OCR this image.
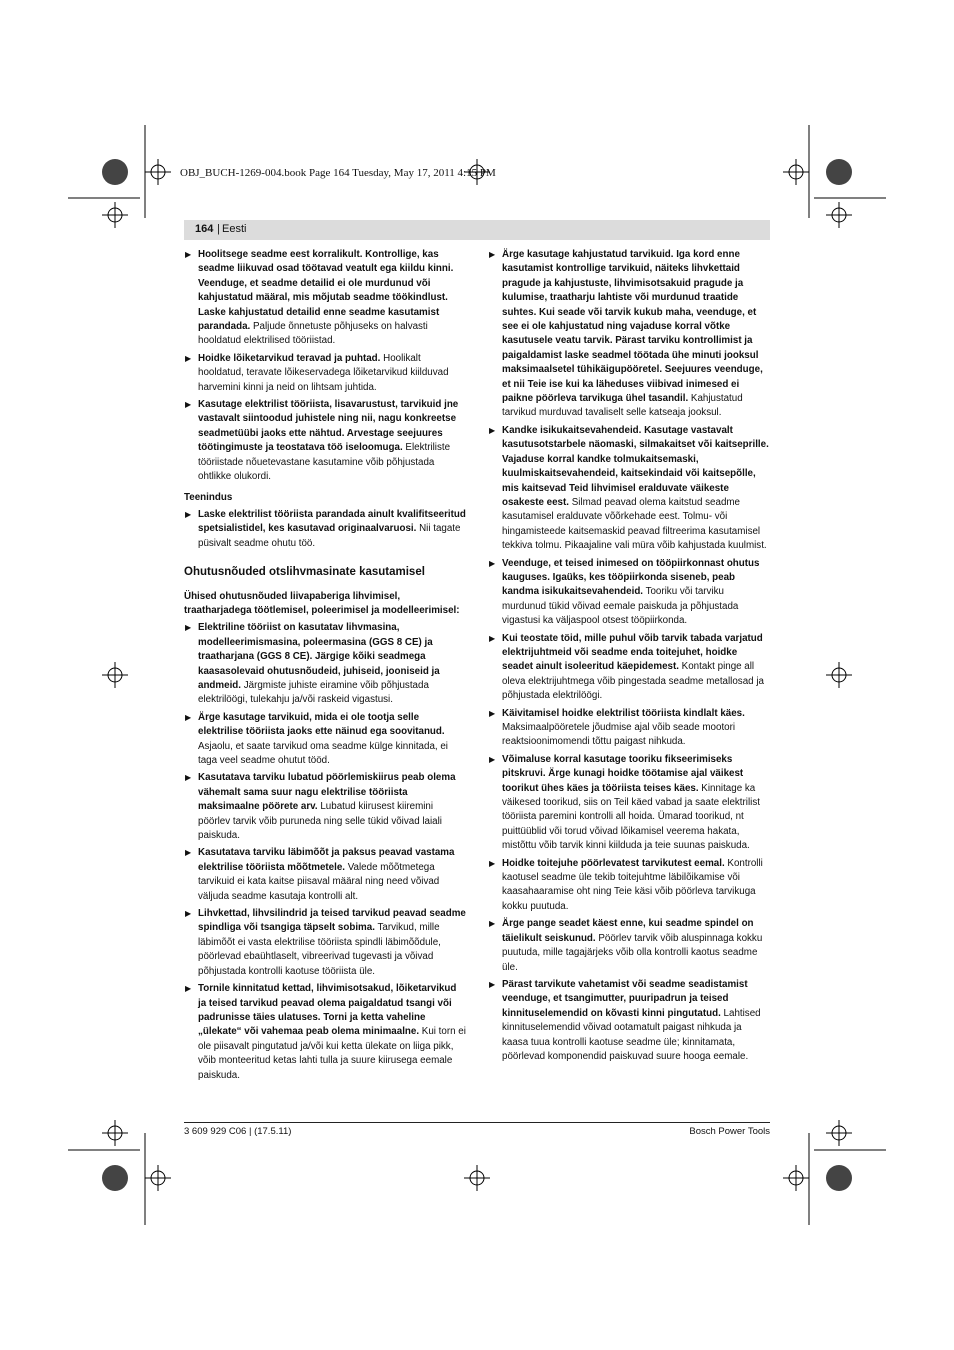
OBJ_BUCH-1269-004.book Page 164 Tuesday, May 17, 2011 4:15 PM
164 | Eesti
▶ Hoolitsege seadme eest korralikult. Kontrollige, kas seadme liikuvad osad töötavad veatult ega kiildu kinni. Veenduge, et seadme detailid ei ole murdunud või kahjustatud määral, mis mõjutab seadme töökindlust. Laske kahjustatud detailid enne seadme kasutamist parandada. Paljude õnnetuste põhjuseks on halvasti hooldatud elektrilised tööriistad.
▶ Hoidke lõiketarvikud teravad ja puhtad. Hoolikalt hooldatud, teravate lõikeservadega lõiketarvikud kiilduvad harvemini kinni ja neid on lihtsam juhtida.
▶ Kasutage elektrilist tööriista, lisavarustust, tarvikuid jne vastavalt siintoodud juhistele ning nii, nagu konkreetse seadmetüübi jaoks ette nähtud. Arvestage seejuures töötingimuste ja teostatava töö iseloomuga. Elektriliste tööriistade nõuetevastane kasutamine võib põhjustada ohtlikke olukordi.
Teenindus
▶ Laske elektrilist tööriista parandada ainult kvalifitseeritud spetsialistidel, kes kasutavad originaalvaruosi. Nii tagate püsivalt seadme ohutu töö.
Ohutusnõuded otslihvmasinate kasutamisel
Ühised ohutusnõuded liivapaberiga lihvimisel, traatharjadega töötlemisel, poleerimisel ja modelleerimisel:
▶ Elektriline tööriist on kasutatav lihvmasina, modelleerimismasina, poleermasina (GGS 8 CE) ja traatharjana (GGS 8 CE). Järgige kõiki seadmega kaasasolevaid ohutusnõudeid, juhiseid, jooniseid ja andmeid. Järgmiste juhiste eiramine võib põhjustada elektrilöögi, tulekahju ja/või raskeid vigastusi.
▶ Ärge kasutage tarvikuid, mida ei ole tootja selle elektrilise tööriista jaoks ette näinud ega soovitanud. Asjaolu, et saate tarvikud oma seadme külge kinnitada, ei taga veel seadme ohutut tööd.
▶ Kasutatava tarviku lubatud pöörlemiskiirus peab olema vähemalt sama suur nagu elektrilise tööriista maksimaalne pöörete arv. Lubatud kiirusest kiiremini pöörlev tarvik võib puruneda ning selle tükid võivad laiali paiskuda.
▶ Kasutatava tarviku läbimõõt ja paksus peavad vastama elektrilise tööriista mõõtmetele. Valede mõõtmetega tarvikuid ei kata kaitse piisaval määral ning need võivad väljuda seadme kasutaja kontrolli alt.
▶ Lihvkettad, lihvsilindrid ja teised tarvikud peavad seadme spindliga või tsangiga täpselt sobima. Tarvikud, mille läbimõõt ei vasta elektrilise tööriista spindli läbimõõdule, pöörlevad ebaühtlaselt, vibreerivad tugevasti ja võivad põhjustada kontrolli kaotuse tööriista üle.
▶ Tornile kinnitatud kettad, lihvimisotsakud, lõiketarvikud ja teised tarvikud peavad olema paigaldatud tsangi või padrunisse täies ulatuses. Torni ja ketta vaheline „ülekate“ või vahemaa peab olema minimaalne. Kui torn ei ole piisavalt pingutatud ja/või kui ketta ülekate on liiga pikk, võib monteeritud ketas lahti tulla ja suure kiirusega eemale paiskuda.
▶ Ärge kasutage kahjustatud tarvikuid. Iga kord enne kasutamist kontrollige tarvikuid, näiteks lihvkettaid pragude ja kahjustuste, lihvimisotsakuid pragude ja kulumise, traatharju lahtiste või murdunud traatide suhtes. Kui seade või tarvik kukub maha, veenduge, et see ei ole kahjustatud ning vajaduse korral võtke kasutusele veatu tarvik. Pärast tarviku kontrollimist ja paigaldamist laske seadmel töötada ühe minuti jooksul maksimaalsetel tühikäigupööretel. Seejuures veenduge, et nii Teie ise kui ka läheduses viibivad inimesed ei paikne pöörleva tarvikuga ühel tasandil. Kahjustatud tarvikud murduvad tavaliselt selle katseaja jooksul.
▶ Kandke isikukaitsevahendeid. Kasutage vastavalt kasutusotstarbele näomaski, silmakaitset või kaitseprille. Vajaduse korral kandke tolmukaitsemaski, kuulmiskaitsevahendeid, kaitsekindaid või kaitsepõlle, mis kaitsevad Teid lihvimisel eralduvate väikeste osakeste eest. Silmad peavad olema kaitstud seadme kasutamisel eralduvate võõrkehade eest. Tolmu- või hingamisteede kaitsemaskid peavad filtreerima kasutamisel tekkiva tolmu. Pikaajaline vali müra võib kahjustada kuulmist.
▶ Veenduge, et teised inimesed on tööpiirkonnast ohutus kauguses. Igaüks, kes tööpiirkonda siseneb, peab kandma isikukaitsevahendeid. Tooriku või tarviku murdunud tükid võivad eemale paiskuda ja põhjustada vigastusi ka väljaspool otsest tööpiirkonda.
▶ Kui teostate töid, mille puhul võib tarvik tabada varjatud elektrijuhtmeid või seadme enda toitejuhet, hoidke seadet ainult isoleeritud käepidemest. Kontakt pinge all oleva elektrijuhtmega võib pingestada seadme metallosad ja põhjustada elektrilöögi.
▶ Käivitamisel hoidke elektrilist tööriista kindlalt käes. Maksimaalpööretele jõudmise ajal võib seade mootori reaktsioonimomendi tõttu paigast nihkuda.
▶ Võimaluse korral kasutage tooriku fikseerimiseks pitskruvi. Ärge kunagi hoidke töötamise ajal väikest toorikut ühes käes ja tööriista teises käes. Kinnitage ka väikesed toorikud, siis on Teil käed vabad ja saate elektrilist tööriista paremini kontrolli all hoida. Ümarad toorikud, nt puittüüblid või torud võivad lõikamisel veerema hakata, mistõttu võib tarvik kinni kiilduda ja teie suunas paiskuda.
▶ Hoidke toitejuhe pöörlevatest tarvikutest eemal. Kontrolli kaotusel seadme üle tekib toitejuhtme läbilõikamise või kaasahaaramise oht ning Teie käsi võib pöörleva tarvikuga kokku puutuda.
▶ Ärge pange seadet käest enne, kui seadme spindel on täielikult seiskunud. Pöörlev tarvik võib aluspinnaga kokku puutuda, mille tagajärjeks võib olla kontrolli kaotus seadme üle.
▶ Pärast tarvikute vahetamist või seadme seadistamist veenduge, et tsangimutter, puuripadrun ja teised kinnituselemendid on kõvasti kinni pingutatud. Lahtised kinnituselemendid võivad ootamatult paigast nihkuda ja kaasa tuua kontrolli kaotuse seadme üle; kinnitamata, pöörlevad komponendid paiskuvad suure hooga eemale.
3 609 929 C06 | (17.5.11)	Bosch Power Tools
